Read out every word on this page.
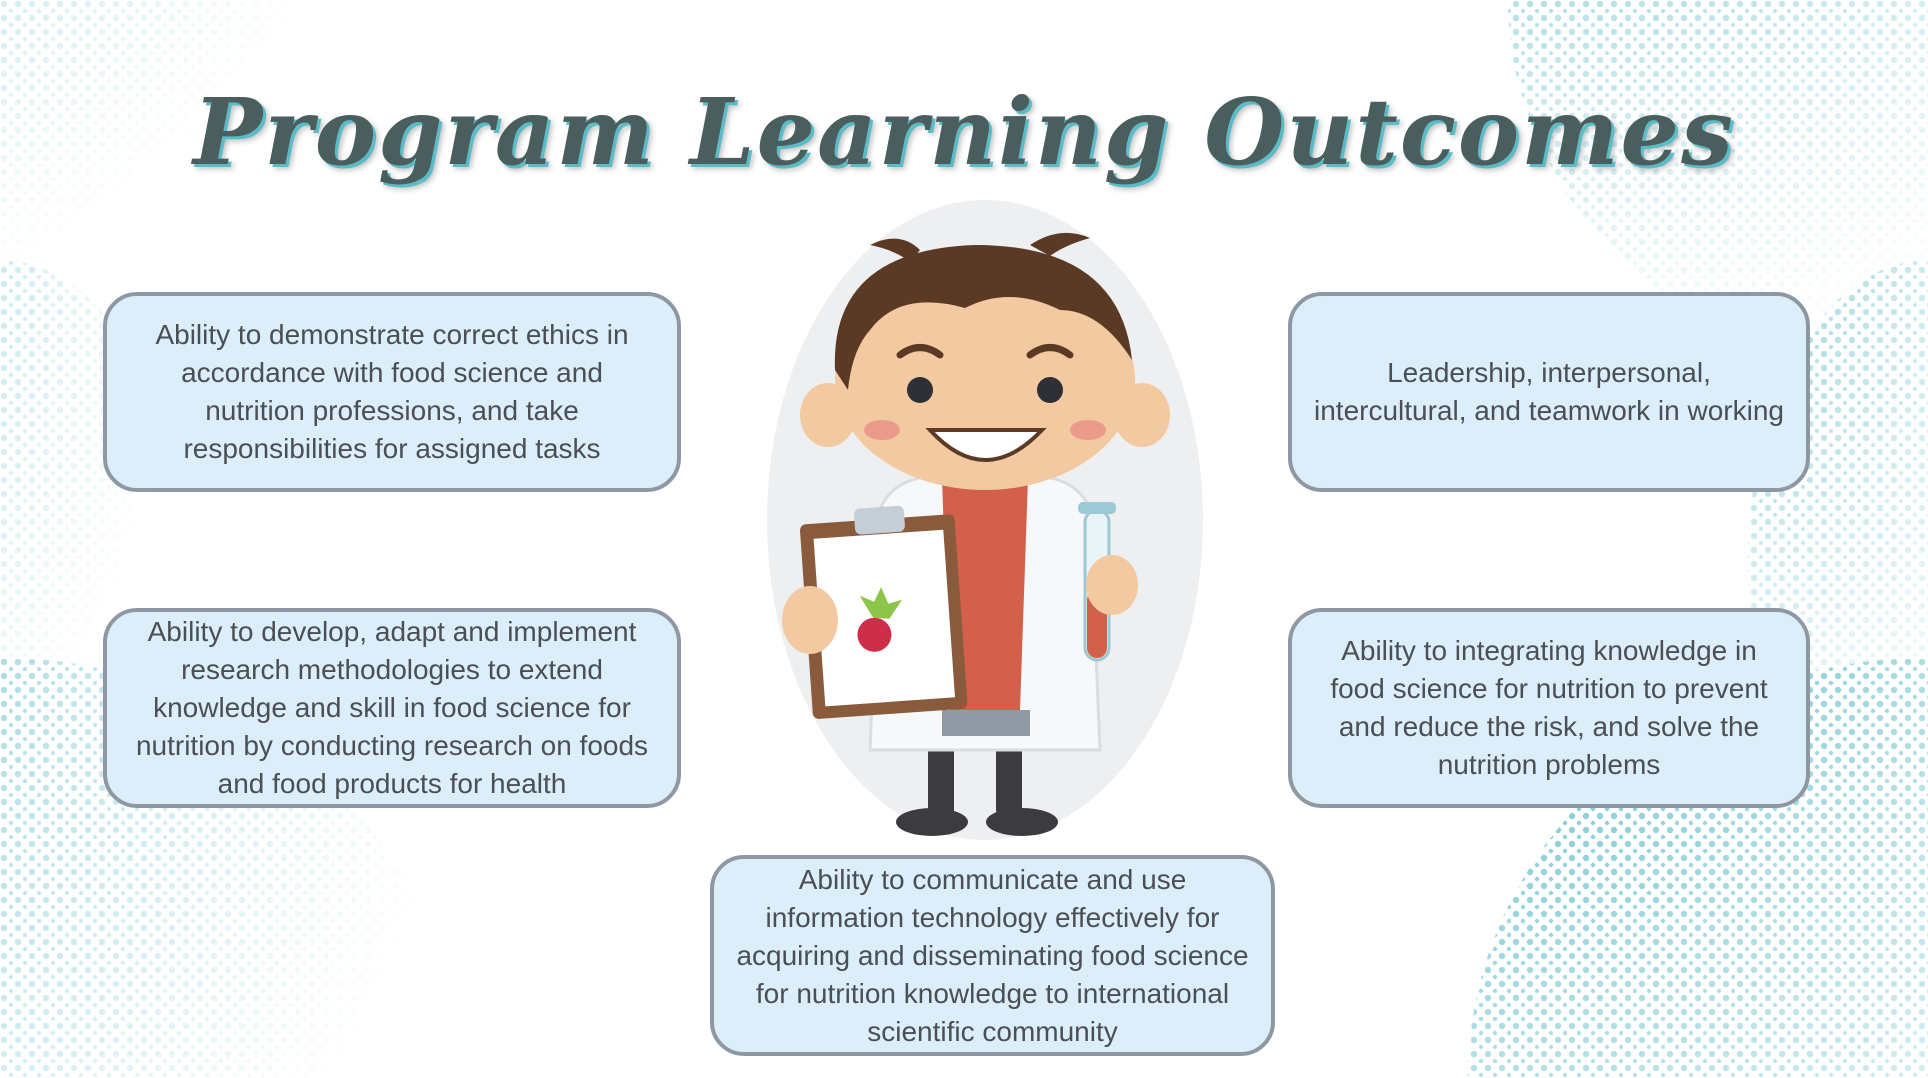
Program Learning Outcomes
Ability to demonstrate correct ethics in accordance with food science and nutrition professions, and take responsibilities for assigned tasks
Ability to develop, adapt and implement research methodologies to extend knowledge and skill in food science for nutrition by conducting research on foods and food products for health
Leadership, interpersonal, intercultural, and teamwork in working
Ability to integrating knowledge in food science for nutrition to prevent and reduce the risk, and solve the nutrition problems
Ability to communicate and use information technology effectively for acquiring and disseminating food science for nutrition knowledge to international scientific community
